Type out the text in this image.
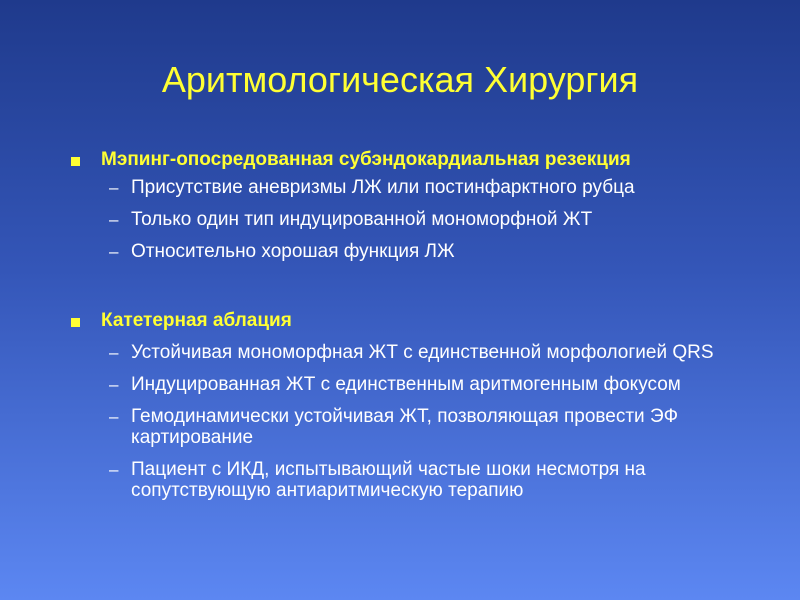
Аритмологическая Хирургия
Мэпинг-опосредованная субэндокардиальная резекция
– Присутствие аневризмы ЛЖ или постинфарктного рубца
– Только один тип индуцированной мономорфной ЖТ
– Относительно хорошая функция ЛЖ
Катетерная аблация
– Устойчивая мономорфная ЖТ с единственной морфологией QRS
– Индуцированная ЖТ с единственным аритмогенным фокусом
– Гемодинамически устойчивая ЖТ, позволяющая провести ЭФ картирование
– Пациент с ИКД, испытывающий частые шоки несмотря на сопутствующую антиаритмическую терапию
